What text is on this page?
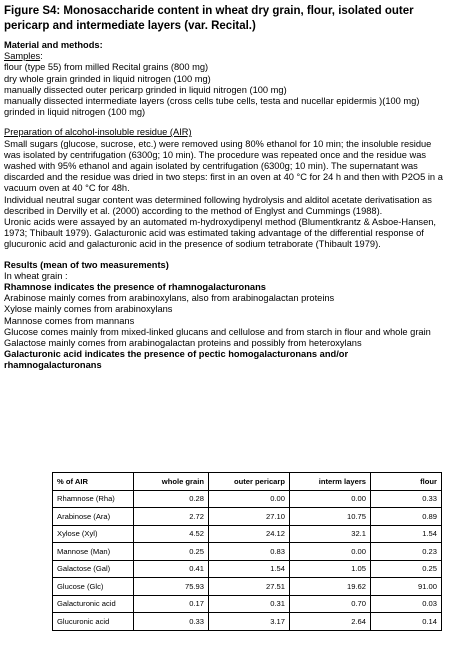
Figure S4: Monosaccharide content in wheat dry grain, flour, isolated outer pericarp and intermediate layers (var. Recital.)

Material and methods:

Samples:

flour (type 55) from milled Recital grains (800 mg)

dry whole grain grinded in liquid nitrogen (100 mg)

manually dissected outer pericarp grinded in liquid nitrogen (100 mg)

manually dissected intermediate layers (cross cells tube cells, testa and nucellar epidermis )(100 mg) grinded in liquid nitrogen (100 mg)

Preparation of alcohol-insoluble residue (AIR)

Small sugars (glucose, sucrose, etc.) were removed using 80% ethanol for 10 min; the insoluble residue was isolated by centrifugation (6300g; 10 min). The procedure was repeated once and the residue was washed with 95% ethanol and again isolated by centrifugation (6300g; 10 min). The supernatant was discarded and the residue was dried in two steps: first in an oven at 40 °C for 24 h and then with P2O5 in a vacuum oven at 40 °C for 48h.

Individual neutral sugar content was determined following hydrolysis and alditol acetate derivatisation as described in Dervilly et al. (2000) according to the method of Englyst and Cummings (1988).

Uronic acids were assayed by an automated m-hydroxydipenyl method (Blumentkrantz & Asboe-Hansen, 1973; Thibault 1979). Galacturonic acid was estimated taking advantage of the differential response of glucuronic acid and galacturonic acid in the presence of sodium tetraborate (Thibault 1979).

Results (mean of two measurements)

In wheat grain :

Rhamnose indicates the presence of rhamnogalacturonans

Arabinose mainly comes from arabinoxylans, also from arabinogalactan proteins

Xylose mainly comes from arabinoxylans

Mannose comes from mannans

Glucose comes mainly from mixed-linked glucans and cellulose and from starch in flour and whole grain

Galactose mainly comes from arabinogalactan proteins and possibly from heteroxylans

Galacturonic acid indicates the presence of pectic homogalacturonans and/or rhamnogalacturonans

% of AIR	whole grain	outer pericarp	interm layers	flour
Rhamnose (Rha)	0.28	0.00	0.00	0.33
Arabinose (Ara)	2.72	27.10	10.75	0.89
Xylose (Xyl)	4.52	24.12	32.1	1.54
Mannose (Man)	0.25	0.83	0.00	0.23
Galactose (Gal)	0.41	1.54	1.05	0.25
Glucose (Glc)	75.93	27.51	19.62	91.00
Galacturonic acid	0.17	0.31	0.70	0.03
Glucuronic acid	0.33	3.17	2.64	0.14
